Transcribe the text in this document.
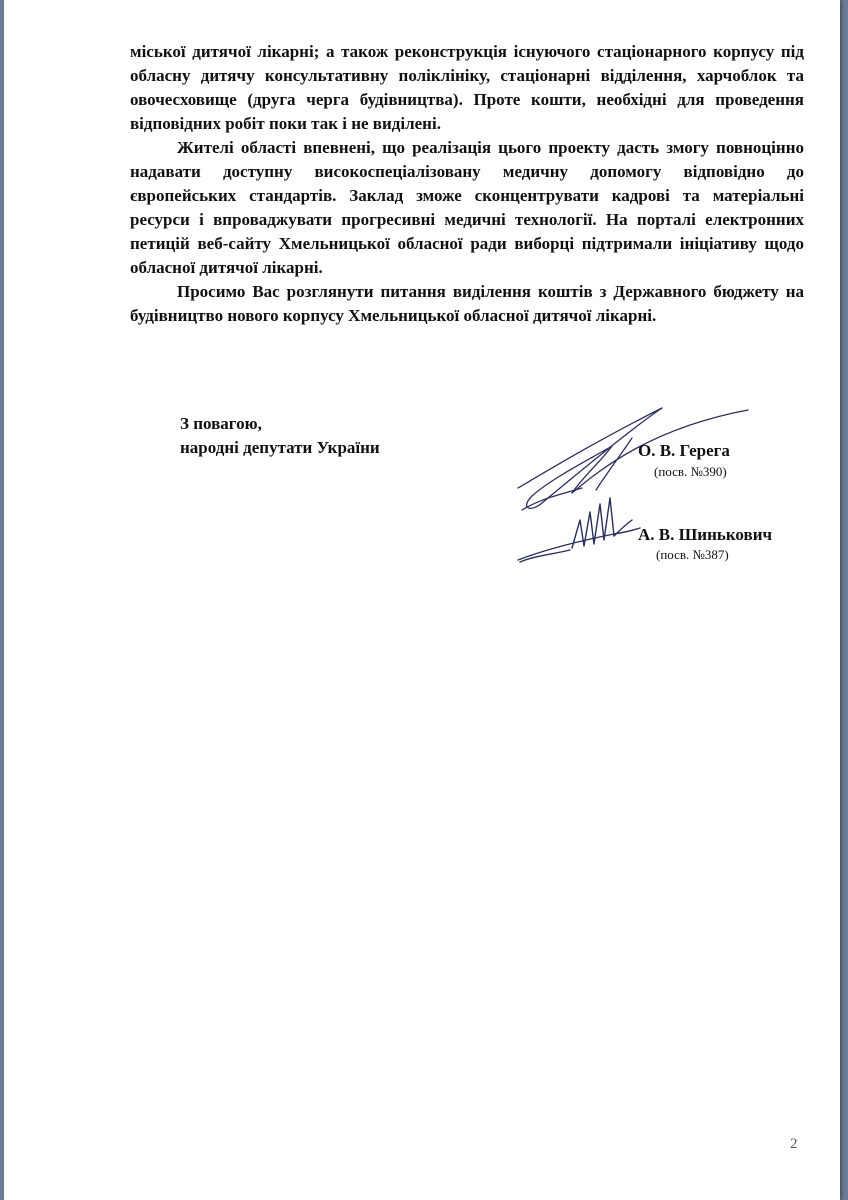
міської дитячої лікарні; а також реконструкція існуючого стаціонарного корпусу під обласну дитячу консультативну поліклініку, стаціонарні відділення, харчоблок та овочесховище (друга черга будівництва). Проте кошти, необхідні для проведення відповідних робіт поки так і не виділені.

Жителі області впевнені, що реалізація цього проекту дасть змогу повноцінно надавати доступну високоспеціалізовану медичну допомогу відповідно до європейських стандартів. Заклад зможе сконцентрувати кадрові та матеріальні ресурси і впроваджувати прогресивні медичні технології. На порталі електронних петицій веб-сайту Хмельницької обласної ради виборці підтримали ініціативу щодо обласної дитячої лікарні.

Просимо Вас розглянути питання виділення коштів з Державного бюджету на будівництво нового корпусу Хмельницької обласної дитячої лікарні.

З повагою,
народні депутати України	О. В. Герега
(посв. №390)
А. В. Шинькович
(посв. №387)
2
